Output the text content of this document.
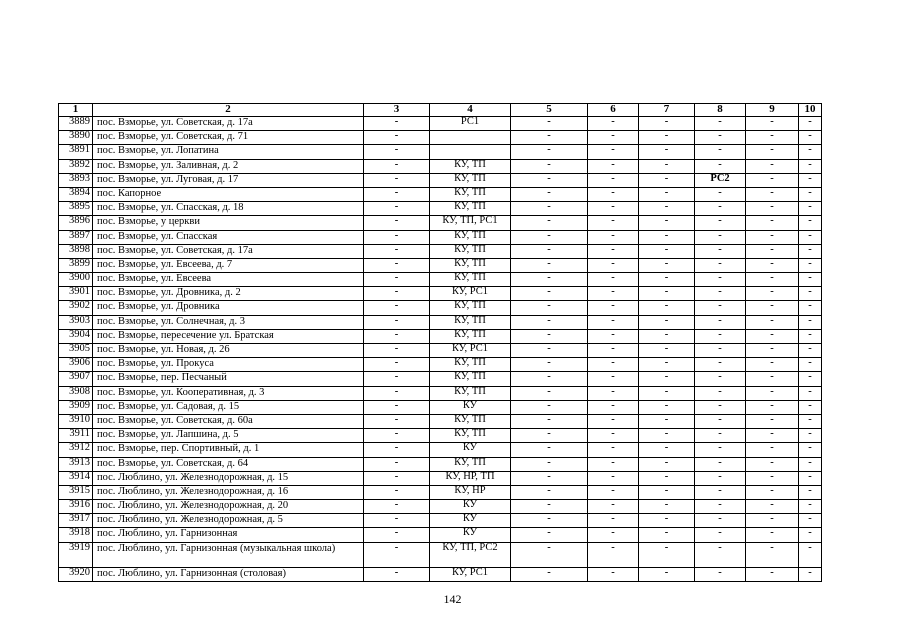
1	2	3	4	5	6	7	8	9	10
3889	пос. Взморье, ул. Советская, д. 17а	-	РС1	-	-	-	-	-	-
3890	пос. Взморье, ул. Советская, д. 71	-		-	-	-	-	-	-
3891	пос. Взморье, ул. Лопатина	-		-	-	-	-	-	-
3892	пос. Взморье, ул. Заливная, д. 2	-	КУ, ТП	-	-	-	-	-	-
3893	пос. Взморье, ул. Луговая, д. 17	-	КУ, ТП	-	-	-	РС2	-	-
3894	пос. Капорное	-	КУ, ТП	-	-	-	-	-	-
3895	пос. Взморье, ул. Спасская, д. 18	-	КУ, ТП	-	-	-	-	-	-
3896	пос. Взморье, у церкви	-	КУ, ТП, РС1	-	-	-	-	-	-
3897	пос. Взморье, ул. Спасская	-	КУ, ТП	-	-	-	-	-	-
3898	пос. Взморье, ул. Советская, д. 17а	-	КУ, ТП	-	-	-	-	-	-
3899	пос. Взморье, ул. Евсеева, д. 7	-	КУ, ТП	-	-	-	-	-	-
3900	пос. Взморье, ул. Евсеева	-	КУ, ТП	-	-	-	-	-	-
3901	пос. Взморье, ул. Дровника, д. 2	-	КУ, РС1	-	-	-	-	-	-
3902	пос. Взморье, ул. Дровника	-	КУ, ТП	-	-	-	-	-	-
3903	пос. Взморье, ул. Солнечная, д. 3	-	КУ, ТП	-	-	-	-	-	-
3904	пос. Взморье, пересечение ул. Братская	-	КУ, ТП	-	-	-	-	-	-
3905	пос. Взморье, ул. Новая, д. 26	-	КУ, РС1	-	-	-	-	-	-
3906	пос. Взморье, ул. Прокуса	-	КУ, ТП	-	-	-	-	-	-
3907	пос. Взморье, пер. Песчаный	-	КУ, ТП	-	-	-	-	-	-
3908	пос. Взморье, ул. Кооперативная, д. 3	-	КУ, ТП	-	-	-	-	-	-
3909	пос. Взморье, ул. Садовая, д. 15	-	КУ	-	-	-	-	-	-
3910	пос. Взморье, ул. Советская, д. 60а	-	КУ, ТП	-	-	-	-	-	-
3911	пос. Взморье, ул. Лапшина, д. 5	-	КУ, ТП	-	-	-	-	-	-
3912	пос. Взморье, пер. Спортивный, д. 1	-	КУ	-	-	-	-	-	-
3913	пос. Взморье, ул. Советская, д. 64	-	КУ, ТП	-	-	-	-	-	-
3914	пос. Люблино, ул. Железнодорожная, д. 15	-	КУ, НР, ТП	-	-	-	-	-	-
3915	пос. Люблино, ул. Железнодорожная, д. 16	-	КУ, НР	-	-	-	-	-	-
3916	пос. Люблино, ул. Железнодорожная, д. 20	-	КУ	-	-	-	-	-	-
3917	пос. Люблино, ул. Железнодорожная, д. 5	-	КУ	-	-	-	-	-	-
3918	пос. Люблино, ул. Гарнизонная	-	КУ	-	-	-	-	-	-
3919	пос. Люблино, ул. Гарнизонная (музыкальная школа)	-	КУ, ТП, РС2	-	-	-	-	-	-
3920	пос. Люблино, ул. Гарнизонная (столовая)	-	КУ, РС1	-	-	-	-	-	-
142
